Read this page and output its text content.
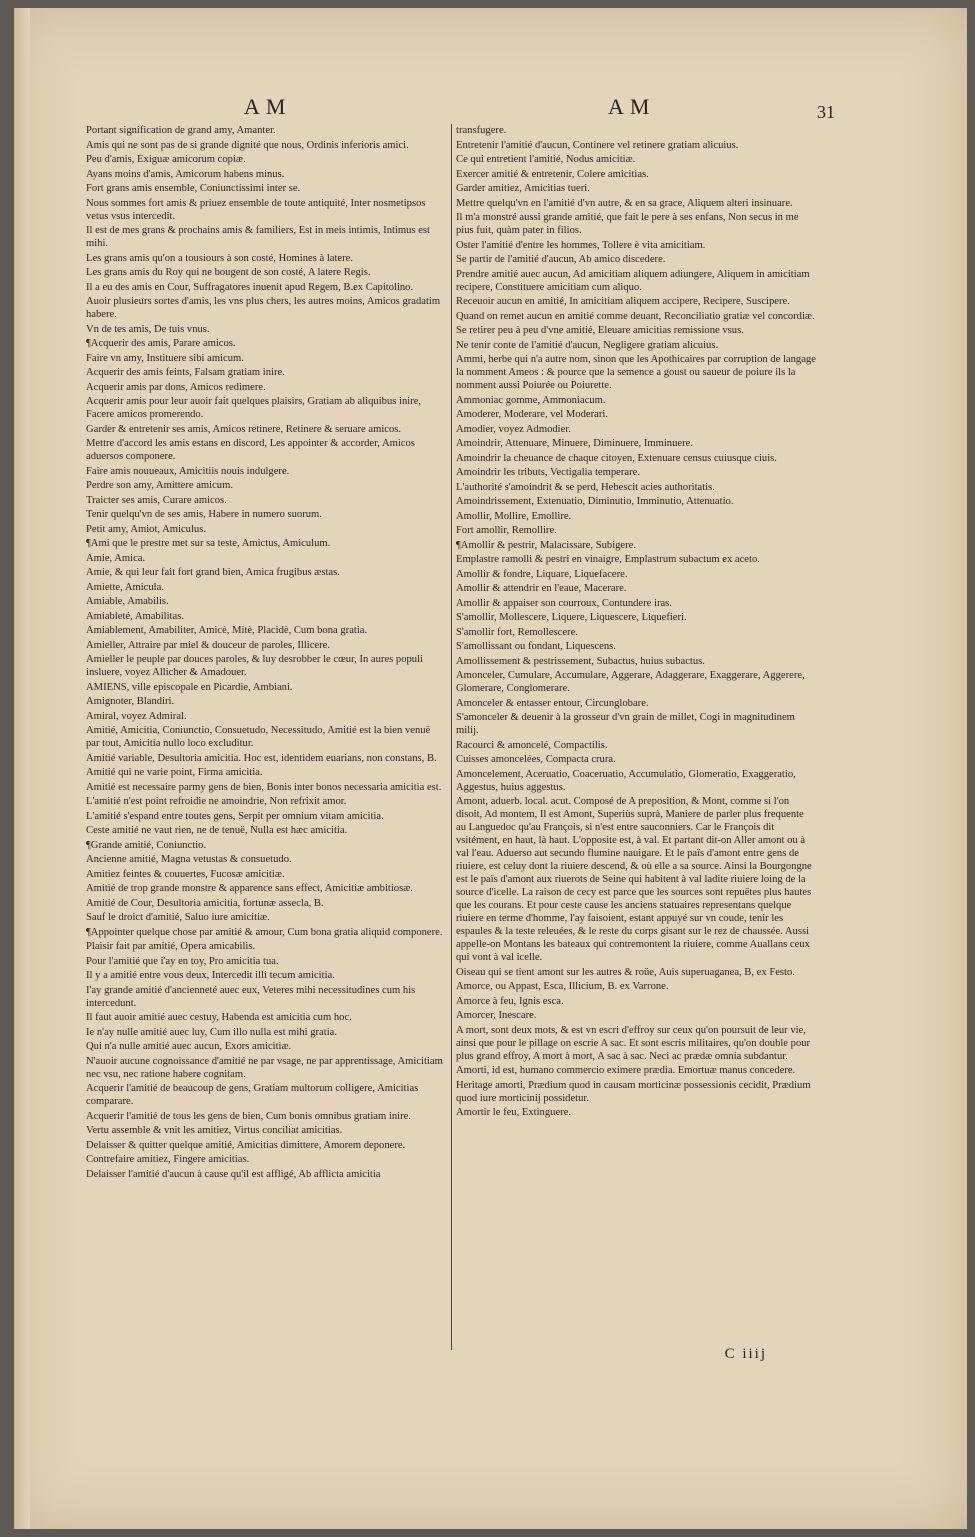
AM	AM	31
Portant signification de grand amy, Amanter.
Amis qui ne sont pas de si grande dignité que nous, Ordinis inferioris amici.
Peu d'amis, Exiguæ amicorum copiæ.
Ayans moins d'amis, Amicorum habens minus.
Fort grans amis ensemble, Coniunctissimi inter se.
Nous sommes fort amis & priuez ensemble de toute antiquité, Inter nosmetipsos vetus vsus intercedit.
Il est de mes grans & prochains amis & familiers, Est in meis intimis, Intimus est mihi.
Les grans amis qu'on a tousiours à son costé, Homines à latere.
Les grans amis du Roy qui ne bougent de son costé, A latere Regis.
Il a eu des amis en Cour, Suffragatores inuenit apud Regem, B.ex Capitolino.
Auoir plusieurs sortes d'amis, les vns plus chers, les autres moins, Amicos gradatim habere.
Vn de tes amis, De tuis vnus.
¶Acquerir des amis, Parare amicos.
Faire vn amy, Instituere sibi amicum.
Acquerir des amis feints, Falsam gratiam inire.
Acquerir amis par dons, Amicos redimere.
Acquerir amis pour leur auoir fait quelques plaisirs, Gratiam ab aliquibus inire, Facere amicos promerendo.
Garder & entretenir ses amis, Amicos retinere, Retinere & seruare amicos.
Mettre d'accord les amis estans en discord, Les appointer & accorder, Amicos aduersos componere.
Faire amis nouueaux, Amicitiis nouis indulgere.
Perdre son amy, Amittere amicum.
Traicter ses amis, Curare amicos.
Tenir quelqu'vn de ses amis, Habere in numero suorum.
Petit amy, Amiot, Amiculus.
¶Ami que le prestre met sur sa teste, Amictus, Amiculum.
Amie, Amica.
Amie, & qui leur fait fort grand bien, Amica frugibus æstas.
Amiette, Amicula.
Amiable, Amabilis.
Amiableté, Amabilitas.
Amiablement, Amabiliter, Amicè, Mitè, Placidè, Cum bona gratia.
Amieller, Attraire par miel & douceur de paroles, Illicere.
Amieller le peuple par douces paroles, & luy desrobber le cœur, In aures populi insluere, voyez Allicher & Amadouer.
AMIENS, ville episcopale en Picardie, Ambiani.
Amignoter, Blandiri.
Amiral, voyez Admiral.
Amitié, Amicitia, Coniunctio, Consuetudo, Necessitudo, Amitié est la bien venuë par tout, Amicitia nullo loco excluditur.
Amitié variable, Desultoria amicitia. Hoc est, identidem euarians, non constans, B.
Amitié qui ne varie point, Firma amicitia.
Amitié est necessaire parmy gens de bien, Bonis inter bonos necessaria amicitia est.
L'amitié n'est point refroidie ne amoindrie, Non refrixit amor.
L'amitié s'espand entre toutes gens, Serpit per omnium vitam amicitia.
Ceste amitié ne vaut rien, ne de tenuë, Nulla est hæc amicitia.
¶Grande amitié, Coniunctio.
Ancienne amitié, Magna vetustas & consuetudo.
Amitiez feintes & couuertes, Fucosæ amicitiæ.
Amitié de trop grande monstre & apparence sans effect, Amicitiæ ambitiosæ.
Amitié de Cour, Desultoria amicitia, fortunæ assecla, B.
Sauf le droict d'amitié, Saluo iure amicitiæ.
¶Appointer quelque chose par amitié & amour, Cum bona gratia aliquid componere.
Plaisir fait par amitié, Opera amicabilis.
Pour l'amitié que i'ay en toy, Pro amicitia tua.
Il y a amitié entre vous deux, Intercedit illi tecum amicitia.
I'ay grande amitié d'ancienneté auec eux, Veteres mihi necessitudines cum his intercedunt.
Il faut auoir amitié auec cestuy, Habenda est amicitia cum hoc.
Ie n'ay nulle amitié auec luy, Cum illo nulla est mihi gratia.
Qui n'a nulle amitié auec aucun, Exors amicitiæ.
N'auoir aucune cognoissance d'amitié ne par vsage, ne par apprentissage, Amicitiam nec vsu, nec ratione habere cognitam.
Acquerir l'amitié de beaucoup de gens, Gratiam multorum colligere, Amicitias comparare.
Acquerir l'amitié de tous les gens de bien, Cum bonis omnibus gratiam inire.
Vertu assemble & vnit les amitiez, Virtus conciliat amicitias.
Delaisser & quitter quelque amitié, Amicitias dimittere, Amorem deponere.
Contrefaire amitiez, Fingere amicitias.
Delaisser l'amitié d'aucun à cause qu'il est affligé, Ab afflicta amicitia
transfugere.
Entretenir l'amitié d'aucun, Continere vel retinere gratiam alicuius.
Ce qui entretient l'amitié, Nodus amicitiæ.
Exercer amitié & entretenir, Colere amicitias.
Garder amitiez, Amicitias tueri.
Mettre quelqu'vn en l'amitié d'vn autre, & en sa grace, Aliquem alteri insinuare.
Il m'a monstré aussi grande amitié, que fait le pere à ses enfans, Non secus in me pius fuit, quàm pater in filios.
Oster l'amitié d'entre les hommes, Tollere è vita amicitiam.
Se partir de l'amitié d'aucun, Ab amico discedere.
Prendre amitié auec aucun, Ad amicitiam aliquem adiungere, Aliquem in amicitiam recipere, Constituere amicitiam cum aliquo.
Receuoir aucun en amitié, In amicitiam aliquem accipere, Recipere, Suscipere.
Quand on remet aucun en amitié comme deuant, Reconciliatio gratiæ vel concordiæ.
Se retirer peu à peu d'vne amitié, Eleuare amicitias remissione vsus.
Ne tenir conte de l'amitié d'aucun, Negligere gratiam alicuius.
Ammi, herbe qui n'a autre nom, sinon que les Apothicaires par corruption de langage la nomment Ameos : & pource que la semence a goust ou saueur de poiure ils la nomment aussi Poiurée ou Poiurette.
Ammoniac gomme, Ammoniacum.
Amoderer, Moderare, vel Moderari.
Amodier, voyez Admodier.
Amoindrir, Attenuare, Minuere, Diminuere, Imminuere.
Amoindrir la cheuance de chaque citoyen, Extenuare census cuiusque ciuis.
Amoindrir les tributs, Vectigalia temperare.
L'authorité s'amoindrit & se perd, Hebescit acies authoritatis.
Amoindrissement, Extenuatio, Diminutio, Imminutio, Attenuatio.
Amollir, Mollire, Emollire.
Fort amollir, Remollire.
¶Amollir & pestrir, Malacissare, Subigere.
Emplastre ramolli & pestri en vinaigre, Emplastrum subactum ex aceto.
Amollir & fondre, Liquare, Liquefacere.
Amollir & attendrir en l'eaue, Macerare.
Amollir & appaiser son courroux, Contundere iras.
S'amollir, Mollescere, Liquere, Liquescere, Liquefieri.
S'amollir fort, Remollescere.
S'amollissant ou fondant, Liquescens.
Amollissement & pestrissement, Subactus, huius subactus.
Amonceler, Cumulare, Accumulare, Aggerare, Adaggerare, Exaggerare, Aggerere, Glomerare, Conglomerare.
Amonceler & entasser entour, Circunglobare.
S'amonceler & deuenir à la grosseur d'vn grain de millet, Cogi in magnitudinem milij.
Racourci & amoncelé, Compactilis.
Cuisses amoncelées, Compacta crura.
Amoncelement, Aceruatio, Coaceruatio, Accumulatio, Glomeratio, Exaggeratio, Aggestus, huius aggestus.
Amont, aduerb. local. acut. Composé de A preposition, & Mont, comme si l'on disoit, Ad montem, Il est Amont, Superiùs suprà, Maniere de parler plus frequente au Languedoc qu'au François, si n'est entre sauconniers. Car le François dit vsitément, en haut, là haut. L'opposite est, à val. Et partant dit-on Aller amont ou à val l'eau. Aduerso aut secundo flumine nauigare. Et le païs d'amont entre gens de riuiere, est celuy dont la riuiere descend, & où elle a sa source. Ainsi la Bourgongne est le païs d'amont aux riuerots de Seine qui habitent à val ladite riuiere loing de la source d'icelle. La raison de cecy est parce que les sources sont repuëtes plus hautes que les courans. Et pour ceste cause les anciens statuaires representans quelque riuiere en terme d'homme, l'ay faisoient, estant appuyé sur vn coude, tenir les espaules & la teste releuées, & le reste du corps gisant sur le rez de chaussée. Aussi appelle-on Montans les bateaux qui contremontent la riuiere, comme Auallans ceux qui vont à val icelle.
Oiseau qui se tient amont sur les autres & roüe, Auis superuaganea, B, ex Festo.
Amorce, ou Appast, Esca, Illicium, B. ex Varrone.
Amorce à feu, Ignis esca.
Amorcer, Inescare.
A mort, sont deux mots, & est vn escri d'effroy sur ceux qu'on poursuit de leur vie, ainsi que pour le pillage on escrie A sac. Et sont escris militaires, qu'on double pour plus grand effroy, A mort à mort, A sac à sac. Neci ac prædæ omnia subdantur.
Amorti, id est, humano commercio eximere prædia. Emortuæ manus concedere.
Heritage amorti, Prædium quod in causam morticinæ possessionis cecidit, Prædium quod iure morticinij possidetur.
Amortir le feu, Extinguere.
C iiij
